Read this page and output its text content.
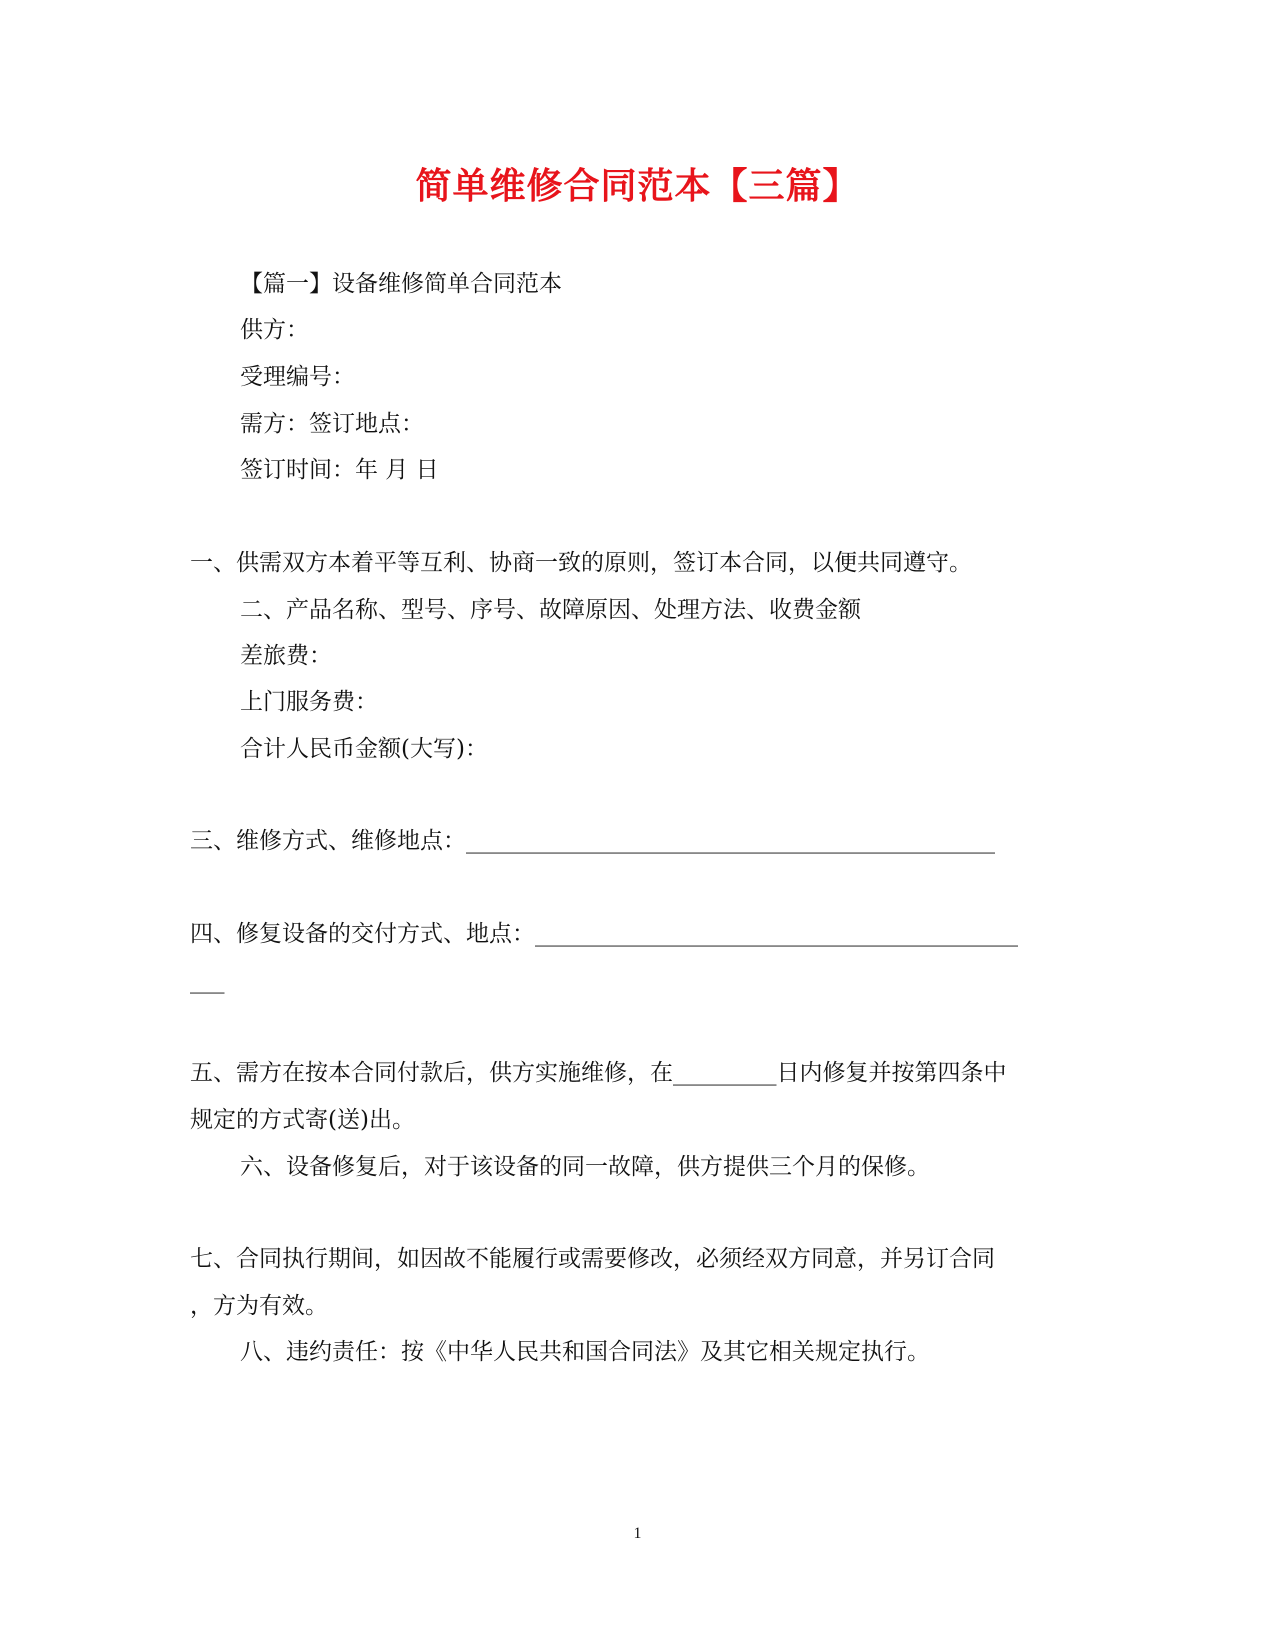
简单维修合同范本【三篇】
【篇一】设备维修简单合同范本
供方：
受理编号：
需方：签订地点：
签订时间：年 月 日
一、供需双方本着平等互利、协商一致的原则，签订本合同，以便共同遵守。
二、产品名称、型号、序号、故障原因、处理方法、收费金额
差旅费：
上门服务费：
合计人民币金额(大写)：
三、维修方式、维修地点：______________________________________________
四、修复设备的交付方式、地点：__________________________________________
___
五、需方在按本合同付款后，供方实施维修，在_________日内修复并按第四条中
规定的方式寄(送)出。
六、设备修复后，对于该设备的同一故障，供方提供三个月的保修。
七、合同执行期间，如因故不能履行或需要修改，必须经双方同意，并另订合同
，方为有效。
八、违约责任：按《中华人民共和国合同法》及其它相关规定执行。
1
